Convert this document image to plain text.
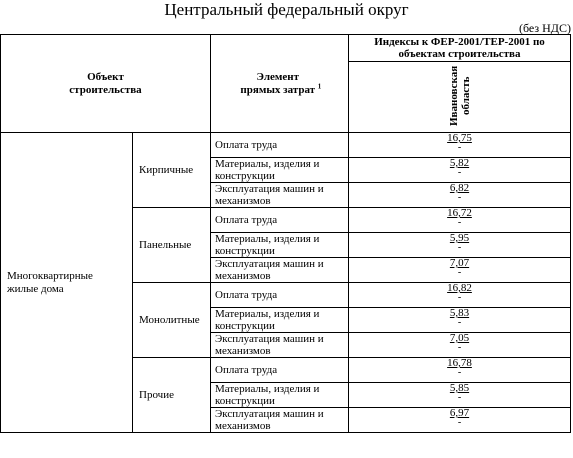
Центральный федеральный округ
(без НДС)
Объект строительства		Элемент прямых затрат $^1$	Индексы к ФЕР-2001/ТЕР-2001 по объектам строительства
			Ивановская область
Многоквартирные жилые дома	Кирпичные	Оплата труда	16,75
-

		Материалы, изделия и конструкции	5,82
-

		Эксплуатация машин и механизмов	6,82
-

	Панельные	Оплата труда	16,72
-

		Материалы, изделия и конструкции	5,95
-

		Эксплуатация машин и механизмов	7,07
-

	Монолитные	Оплата труда	16,82
-

		Материалы, изделия и конструкции	5,83
-

		Эксплуатация машин и механизмов	7,05
-

	Прочие	Оплата труда	16,78
-

		Материалы, изделия и конструкции	5,85
-

		Эксплуатация машин и механизмов	6,97
-
